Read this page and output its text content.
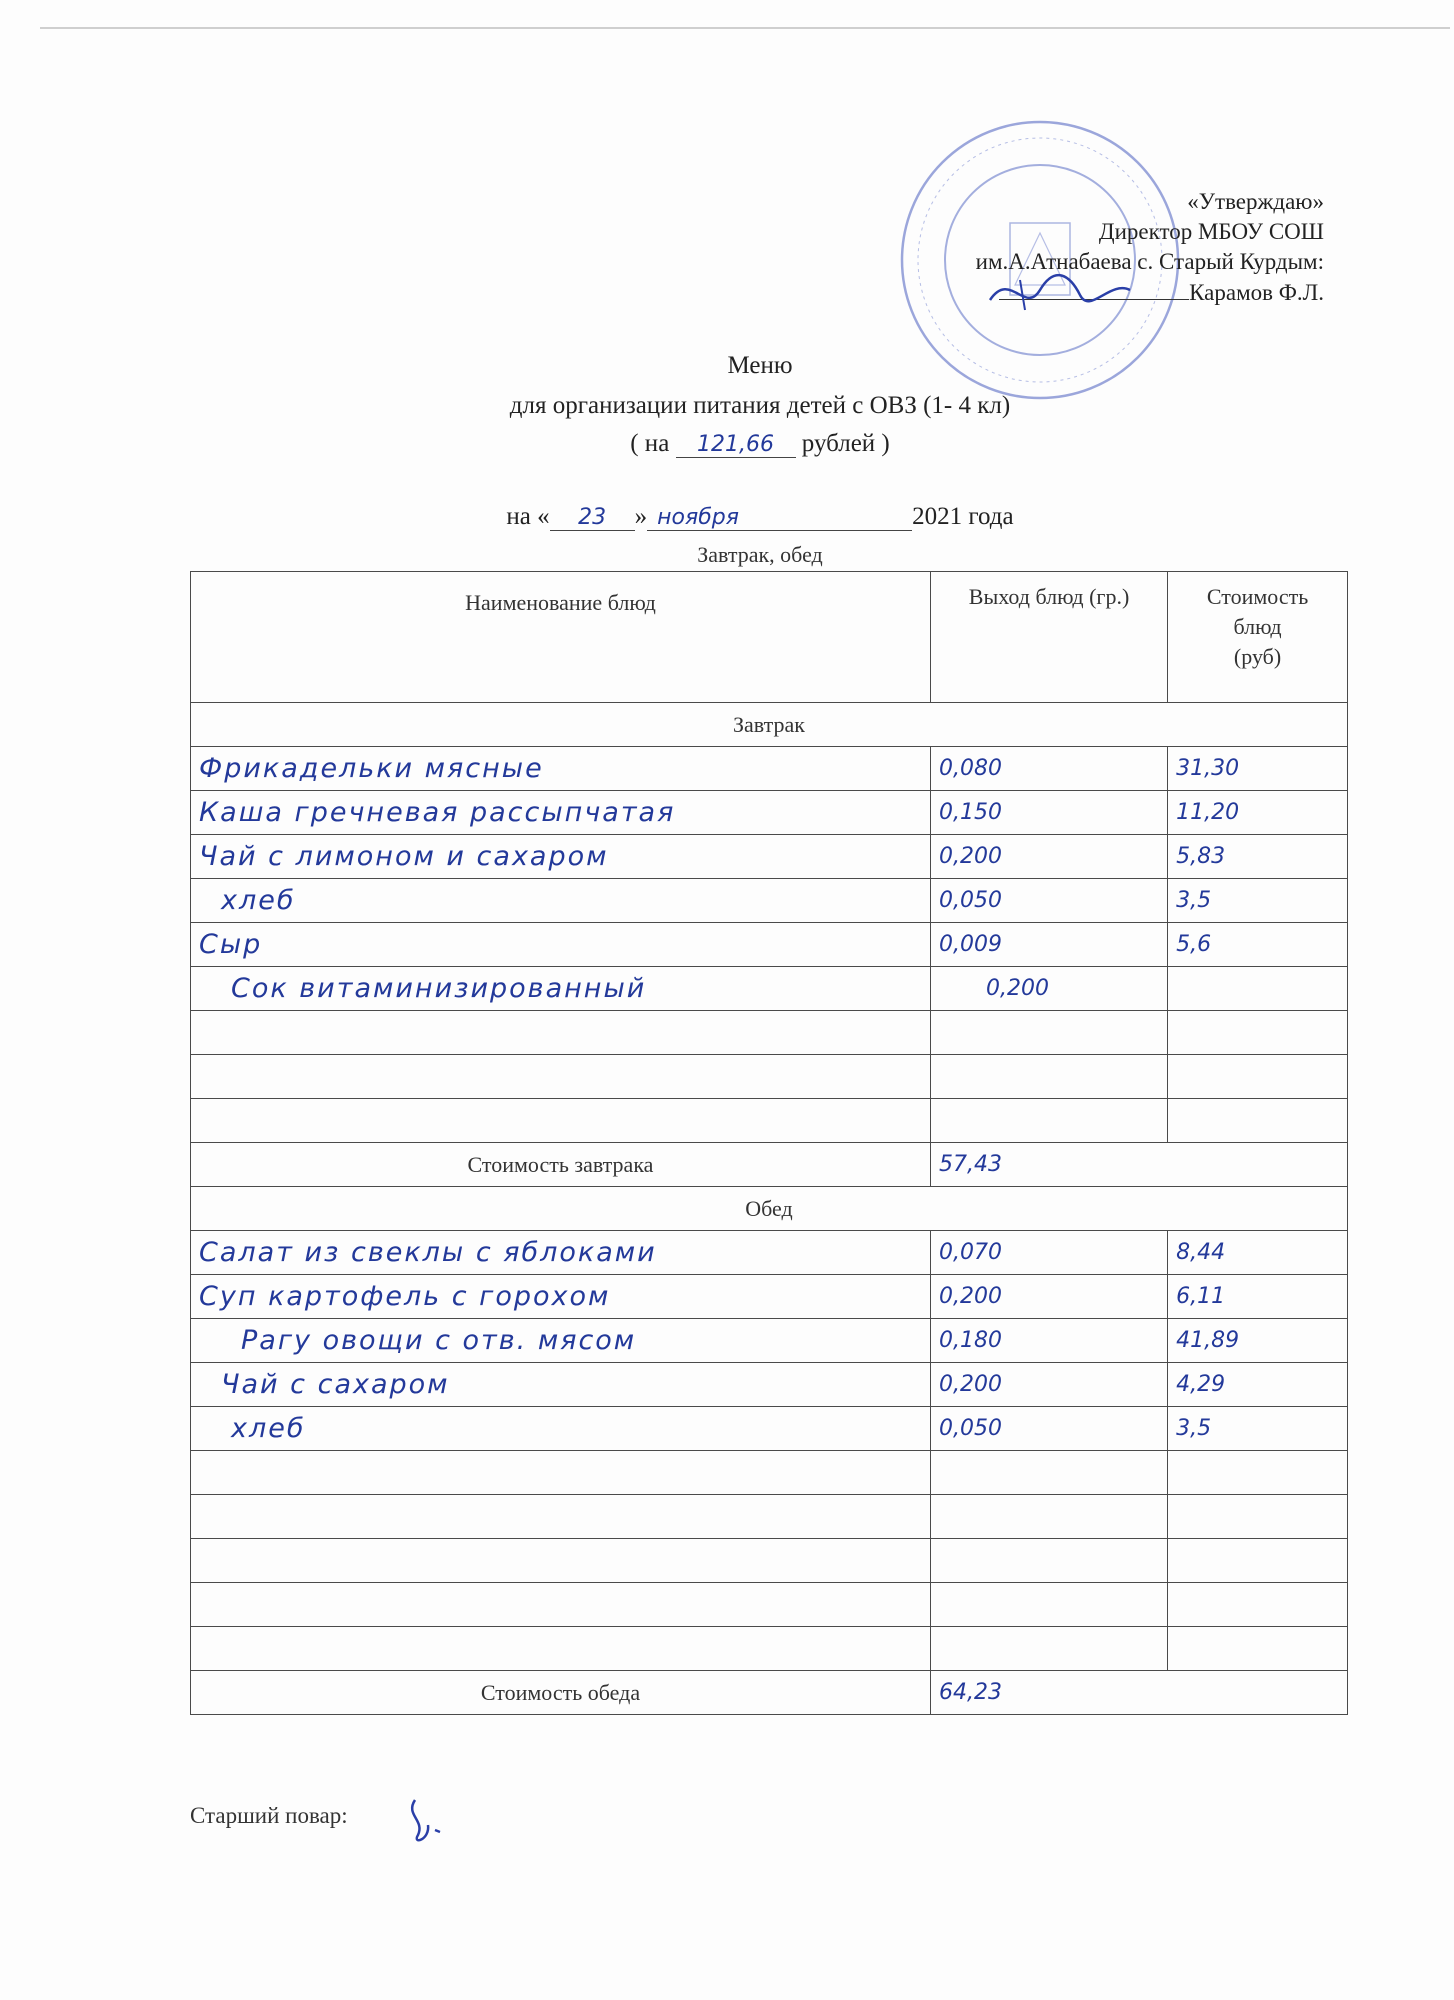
«Утверждаю»
Директор МБОУ СОШ
им.А.Атнабаева с. Старый Курдым:
Карамов Ф.Л.
Меню
для организации питания детей с ОВЗ (1- 4 кл)
( на 121,66 рублей )
на « 23 » ноября	2021 года
Завтрак, обед
Наименование блюд	Выход блюд (гр.)	Стоимость
блюд
(руб)

Завтрак		
Фрикадельки мясные	0,080	31,30
Каша гречневая рассыпчатая	0,150	11,20
Чай с лимоном и сахаром	0,200	5,83
хлеб	0,050	3,5
Сыр	0,009	5,6
Сок витаминизированный	0,200	

Стоимость завтрака	57,43	
Обед		
Салат из свеклы с яблоками	0,070	8,44
Суп картофель с горохом	0,200	6,11
Рагу овощи с отв. мясом	0,180	41,89
Чай с сахаром	0,200	4,29
хлеб	0,050	3,5

Стоимость обеда	64,23	
Старший повар:
